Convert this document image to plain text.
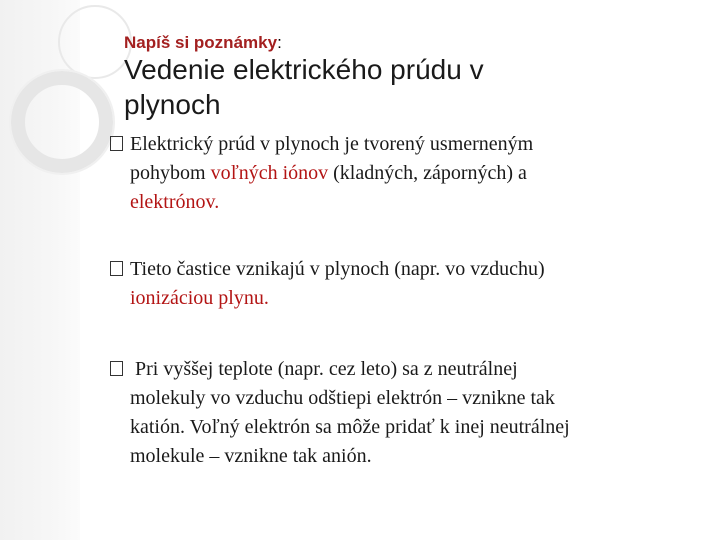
Napíš si poznámky:
Vedenie elektrického prúdu v
plynoch
Elektrický prúd v plynoch je tvorený usmerneným
pohybom voľných iónov (kladných, záporných) a
elektrónov.
Tieto častice vznikajú v plynoch (napr. vo vzduchu)
ionizáciou plynu.
Pri vyššej teplote (napr. cez leto) sa z neutrálnej
molekuly vo vzduchu odštiepi elektrón – vznikne tak
katión. Voľný elektrón sa môže pridať k inej neutrálnej
molekule – vznikne tak anión.
